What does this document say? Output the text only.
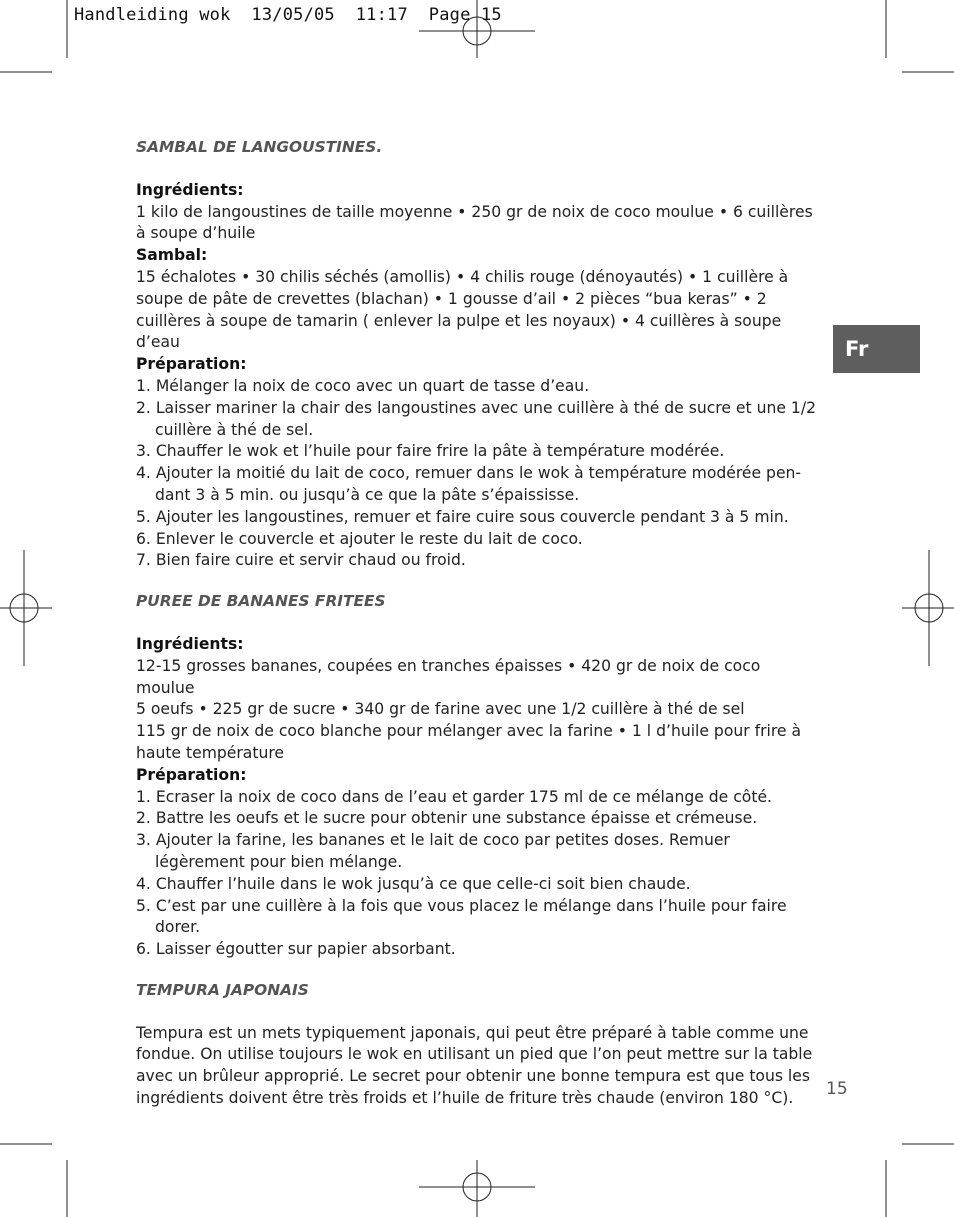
Handleiding wok  13/05/05  11:17  Page 15
Fr
SAMBAL DE LANGOUSTINES.
Ingrédients:
1 kilo de langoustines de taille moyenne • 250 gr de noix de coco moulue • 6 cuillères à soupe d’huile
Sambal:
15 échalotes • 30 chilis séchés (amollis) • 4 chilis rouge (dénoyautés) • 1 cuillère à soupe de pâte de crevettes (blachan) • 1 gousse d’ail • 2 pièces “bua keras” • 2 cuillères à soupe de tamarin ( enlever la pulpe et les noyaux) • 4 cuillères à soupe d’eau
Préparation:
1. Mélanger la noix de coco avec un quart de tasse d’eau.
2. Laisser mariner la chair des langoustines avec une cuillère à thé de sucre et une 1/2 cuillère à thé de sel.
3. Chauffer le wok et l’huile pour faire frire la pâte à température modérée.
4. Ajouter la moitié du lait de coco, remuer dans le wok à température modérée pen-dant 3 à 5 min. ou jusqu’à ce que la pâte s’épaississe.
5. Ajouter les langoustines, remuer et faire cuire sous couvercle pendant 3 à 5 min.
6. Enlever le couvercle et ajouter le reste du lait de coco.
7. Bien faire cuire et servir chaud ou froid.
PUREE DE BANANES FRITEES
Ingrédients:
12-15 grosses bananes, coupées en tranches épaisses • 420 gr de noix de coco moulue
5 oeufs • 225 gr de sucre • 340 gr de farine avec une 1/2 cuillère à thé de sel
115 gr de noix de coco blanche pour mélanger avec la farine • 1 l d’huile pour frire à haute température
Préparation:
1. Ecraser la noix de coco dans de l’eau et garder 175 ml de ce mélange de côté.
2. Battre les oeufs et le sucre pour obtenir une substance épaisse et crémeuse.
3. Ajouter la farine, les bananes et le lait de coco par petites doses. Remuer légèrement pour bien mélange.
4. Chauffer l’huile dans le wok jusqu’à ce que celle-ci soit bien chaude.
5. C’est par une cuillère à la fois que vous placez le mélange dans l’huile pour faire dorer.
6. Laisser égoutter sur papier absorbant.
TEMPURA JAPONAIS
Tempura est un mets typiquement japonais, qui peut être préparé à table comme une fondue. On utilise toujours le wok en utilisant un pied que l’on peut mettre sur la table avec un brûleur approprié. Le secret pour obtenir une bonne tempura est que tous les ingrédients doivent être très froids et l’huile de friture très chaude (environ 180 °C).	15
